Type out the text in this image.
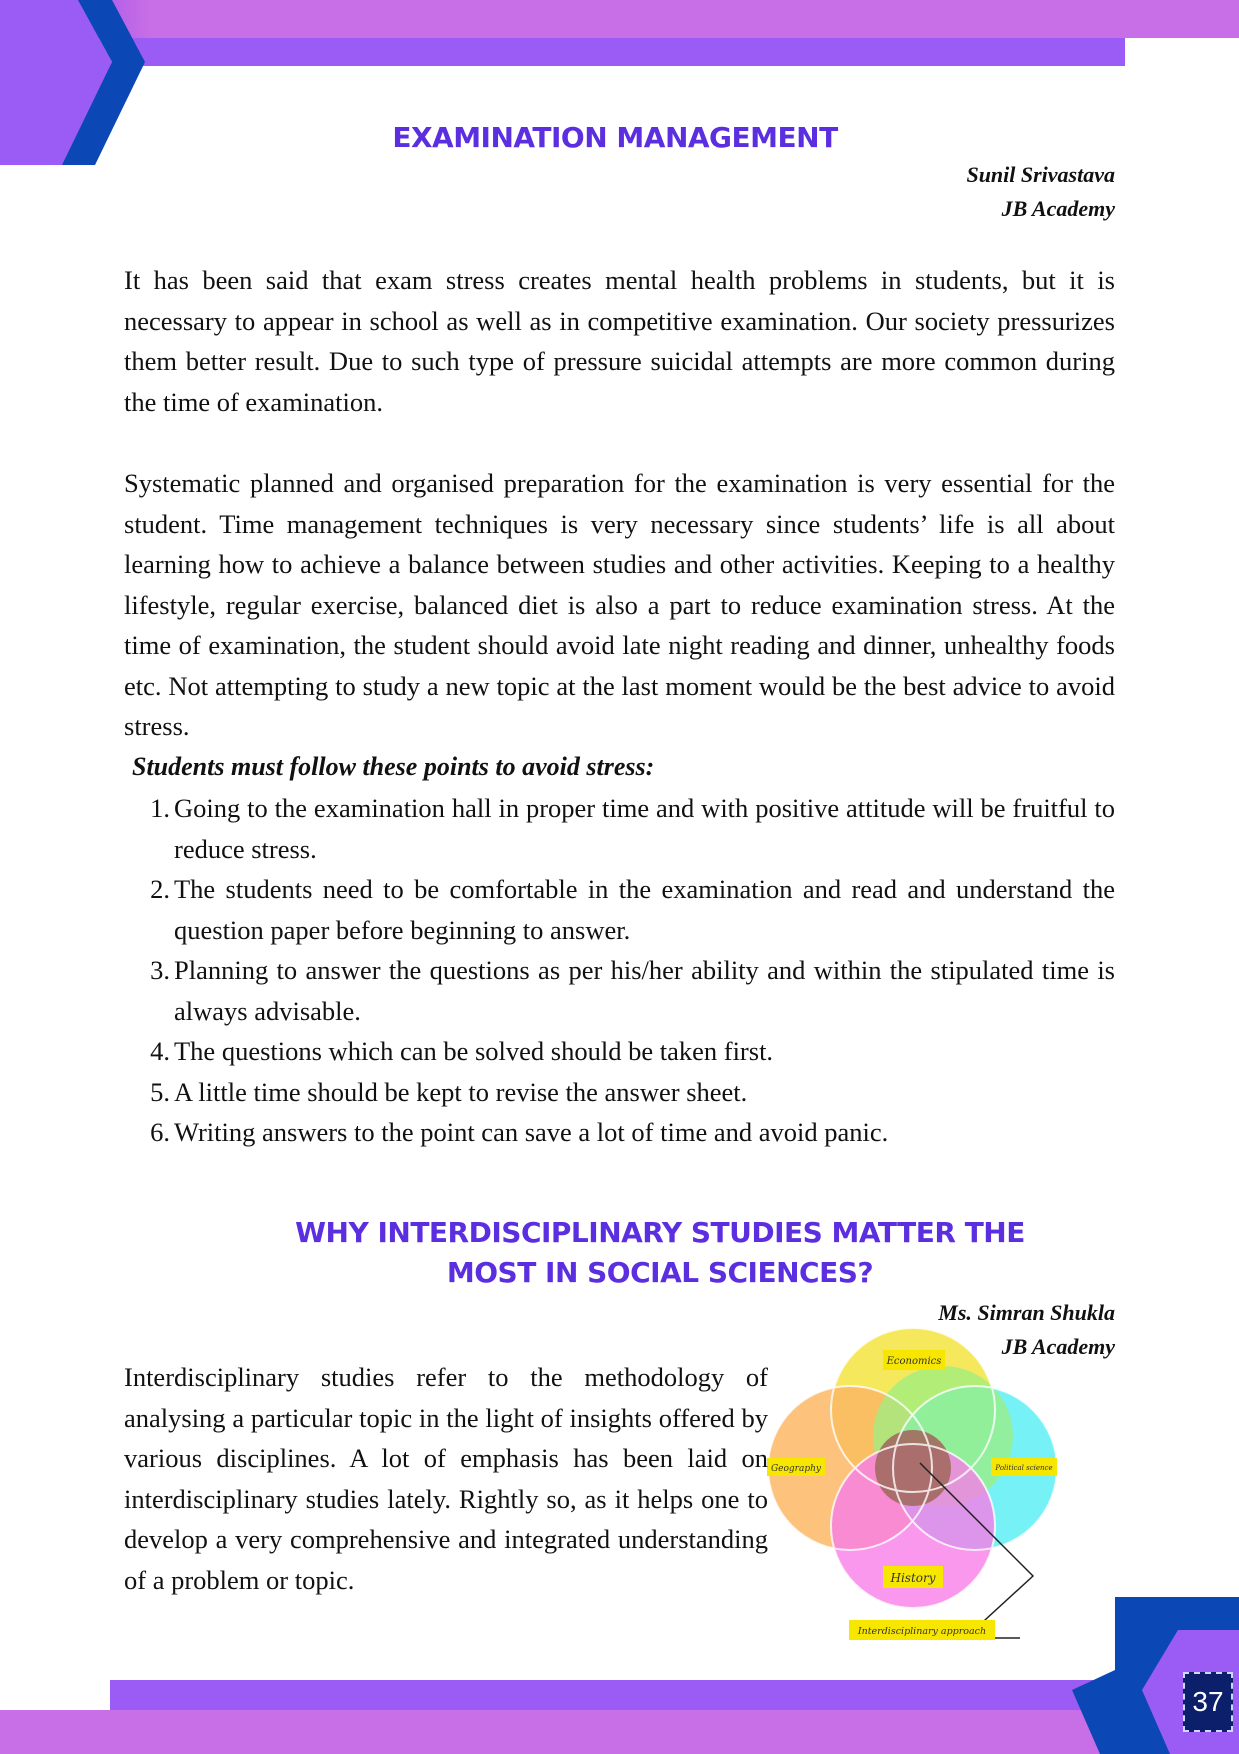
37
EXAMINATION MANAGEMENT
Sunil Srivastava
JB Academy

It has been said that exam stress creates mental health problems in students, but it is necessary to appear in school as well as in competitive examination. Our society pressurizes them better result. Due to such type of pressure suicidal attempts are more common during the time of examination.

Systematic planned and organised preparation for the examination is very essential for the student. Time management techniques is very necessary since students’ life is all about learning how to achieve a balance between studies and other activities. Keeping to a healthy lifestyle, regular exercise, balanced diet is also a part to reduce examination stress. At the time of examination, the student should avoid late night reading and dinner, unhealthy foods etc. Not attempting to study a new topic at the last moment would be the best advice to avoid stress.

Students must follow these points to avoid stress:
1. Going to the examination hall in proper time and with positive attitude will be fruitful to reduce stress.
2. The students need to be comfortable in the examination and read and understand the question paper before beginning to answer.
3. Planning to answer the questions as per his/her ability and within the stipulated time is always advisable.
4. The questions which can be solved should be taken first.
5. A little time should be kept to revise the answer sheet.
6. Writing answers to the point can save a lot of time and avoid panic.
WHY INTERDISCIPLINARY STUDIES MATTER THE
MOST IN SOCIAL SCIENCES?
Economics
Geography	Political science
History
Interdisciplinary approach
Ms. Simran Shukla
JB Academy

Interdisciplinary studies refer to the methodology of analysing a particular topic in the light of insights offered by various disciplines. A lot of emphasis has been laid on interdisciplinary studies lately. Rightly so, as it helps one to develop a very comprehensive and integrated understanding of a problem or topic.
